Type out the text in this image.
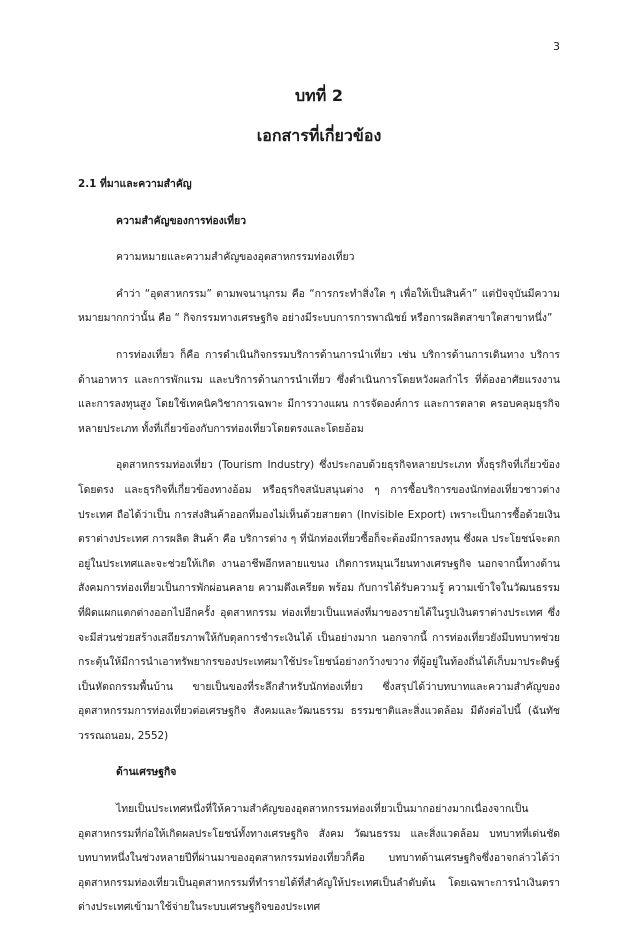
3
บทที่ 2
เอกสารที่เกี่ยวข้อง

2.1 ที่มาและความสำคัญ

ความสำคัญของการท่องเที่ยว

ความหมายและความสำคัญของอุตสาหกรรมท่องเที่ยว

คำว่า “อุตสาหกรรม” ตามพจนานุกรม คือ “การกระทำสิ่งใด ๆ เพื่อให้เป็นสินค้า” แต่ปัจจุบันมีความหมายมากกว่านั้น คือ “ กิจกรรมทางเศรษฐกิจ อย่างมีระบบการการพาณิชย์ หรือการผลิตสาขาใดสาขาหนึ่ง”

การท่องเที่ยว ก็คือ การดำเนินกิจกรรมบริการด้านการนำเที่ยว เช่น บริการด้านการเดินทาง บริการด้านอาหาร และการพักแรม และบริการด้านการนำเที่ยว ซึ่งดำเนินการโดยหวังผลกำไร ที่ต้องอาศัยแรงงานและการลงทุนสูง โดยใช้เทคนิควิชาการเฉพาะ มีการวางแผน การจัดองค์การ และการตลาด ครอบคลุมธุรกิจหลายประเภท ทั้งที่เกี่ยวข้องกับการท่องเที่ยวโดยตรงและโดยอ้อม

อุตสาหกรรมท่องเที่ยว (Tourism Industry) ซึ่งประกอบด้วยธุรกิจหลายประเภท ทั้งธุรกิจที่เกี่ยวข้องโดยตรง และธุรกิจที่เกี่ยวข้องทางอ้อม หรือธุรกิจสนับสนุนต่าง ๆ การซื้อบริการของนักท่องเที่ยวชาวต่างประเทศ ถือได้ว่าเป็น การส่งสินค้าออกที่มองไม่เห็นด้วยสายตา (Invisible Export) เพราะเป็นการซื้อด้วยเงินตราต่างประเทศ การผลิต สินค้า คือ บริการต่าง ๆ ที่นักท่องเที่ยวซื้อก็จะต้องมีการลงทุน ซึ่งผล ประโยชน์จะตกอยู่ในประเทศและจะช่วยให้เกิด งานอาชีพอีกหลายแขนง เกิดการหมุนเวียนทางเศรษฐกิจ นอกจากนี้ทางด้านสังคมการท่องเที่ยวเป็นการพักผ่อนคลาย ความตึงเครียด พร้อม กับการได้รับความรู้ ความเข้าใจในวัฒนธรรมที่ผิดแผกแตกต่างออกไปอีกครั้ง อุตสาหกรรม ท่องเที่ยวเป็นแหล่งที่มาของรายได้ในรูปเงินตราต่างประเทศ ซึ่งจะมีส่วนช่วยสร้างเสถียรภาพให้กับดุลการชำระเงินได้ เป็นอย่างมาก นอกจากนี้ การท่องเที่ยวยังมีบทบาทช่วยกระตุ้นให้มีการนำเอาทรัพยากรของประเทศมาใช้ประโยชน์อย่างกว้างขวาง ที่ผู้อยู่ในท้องถิ่นได้เก็บมาประดิษฐ์เป็นหัตถกรรมพื้นบ้าน ขายเป็นของที่ระลึกสำหรับนักท่องเที่ยว ซึ่งสรุปได้ว่าบทบาทและความสำคัญของอุตสาหกรรมการท่องเที่ยวต่อเศรษฐกิจ สังคมและวัฒนธรรม ธรรมชาติและสิ่งแวดล้อม มีดังต่อไปนี้ (ฉันทัช วรรณถนอม, 2552)

ด้านเศรษฐกิจ

ไทยเป็นประเทศหนึ่งที่ให้ความสำคัญของอุตสาหกรรมท่องเที่ยวเป็นมากอย่างมากเนื่องจากเป็นอุตสาหกรรมที่ก่อให้เกิดผลประโยชน์ทั้งทางเศรษฐกิจ สังคม วัฒนธรรม และสิ่งแวดล้อม บทบาทที่เด่นชัดบทบาทหนึ่งในช่วงหลายปีที่ผ่านมาของอุตสาหกรรมท่องเที่ยวก็คือ บทบาทด้านเศรษฐกิจซึ่งอาจกล่าวได้ว่า อุตสาหกรรมท่องเที่ยวเป็นอุตสาหกรรมที่ทำรายได้ที่สำคัญให้ประเทศเป็นลำดับต้น โดยเฉพาะการนำเงินตราต่างประเทศเข้ามาใช้จ่ายในระบบเศรษฐกิจของประเทศ
